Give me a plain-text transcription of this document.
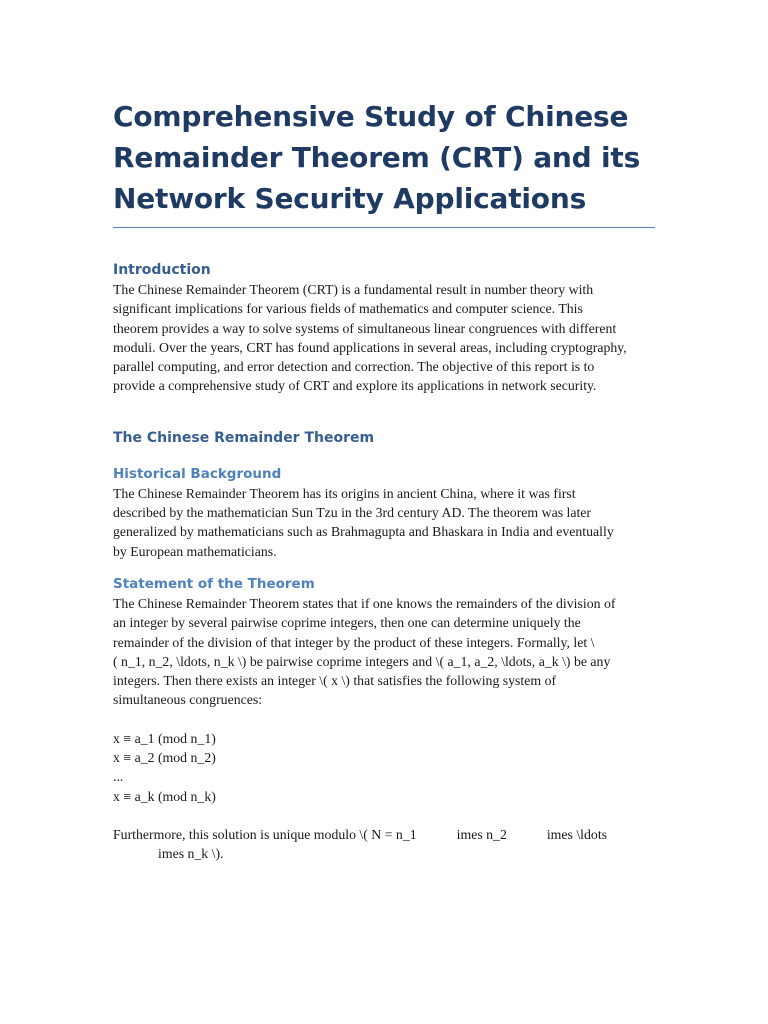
Comprehensive Study of Chinese
Remainder Theorem (CRT) and its
Network Security Applications
Introduction
The Chinese Remainder Theorem (CRT) is a fundamental result in number theory with
significant implications for various fields of mathematics and computer science. This
theorem provides a way to solve systems of simultaneous linear congruences with different
moduli. Over the years, CRT has found applications in several areas, including cryptography,
parallel computing, and error detection and correction. The objective of this report is to
provide a comprehensive study of CRT and explore its applications in network security.
The Chinese Remainder Theorem
Historical Background
The Chinese Remainder Theorem has its origins in ancient China, where it was first
described by the mathematician Sun Tzu in the 3rd century AD. The theorem was later
generalized by mathematicians such as Brahmagupta and Bhaskara in India and eventually
by European mathematicians.
Statement of the Theorem
The Chinese Remainder Theorem states that if one knows the remainders of the division of
an integer by several pairwise coprime integers, then one can determine uniquely the
remainder of the division of that integer by the product of these integers. Formally, let \
( n_1, n_2, \ldots, n_k \) be pairwise coprime integers and \( a_1, a_2, \ldots, a_k \) be any
integers. Then there exists an integer \( x \) that satisfies the following system of
simultaneous congruences:
x ≡ a_1 (mod n_1)
x ≡ a_2 (mod n_2)
...
x ≡ a_k (mod n_k)
Furthermore, this solution is unique modulo \( N = n_1	imes n_2	imes \ldots
imes n_k \).
